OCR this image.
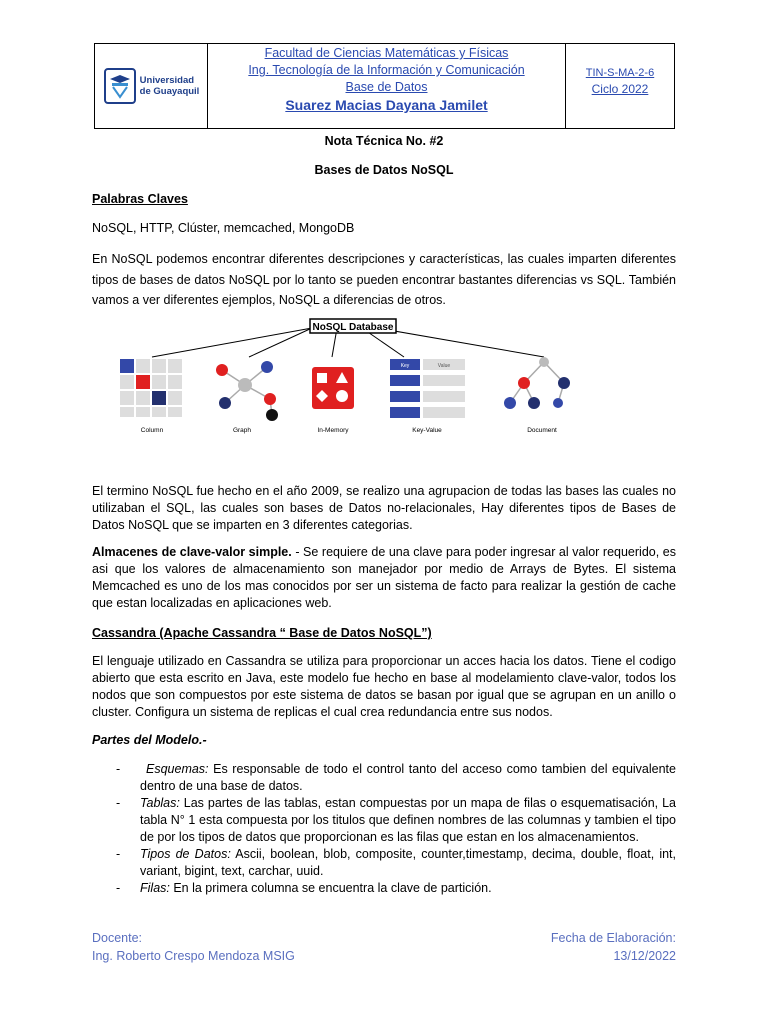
Universidad
de Guayaquil
Facultad de Ciencias Matemáticas y Físicas
Ing. Tecnología de la Información y Comunicación
Base de Datos
Suarez Macias Dayana Jamilet
TIN-S-MA-2-6
Ciclo 2022
Nota Técnica No. #2
Bases de Datos NoSQL
Palabras Claves
NoSQL, HTTP, Clúster, memcached, MongoDB

En NoSQL podemos encontrar diferentes descripciones y características, las cuales imparten diferentes tipos de bases de datos NoSQL por lo tanto se pueden encontrar bastantes diferencias vs SQL. También vamos a ver diferentes ejemplos, NoSQL a diferencias de otros.

NoSQL Database
Key	Value
Column	Graph	In-Memory	Key-Value	Document

El termino NoSQL fue hecho en el año 2009, se realizo una agrupacion de todas las bases las cuales no utilizaban el SQL, las cuales son bases de Datos no-relacionales, Hay diferentes tipos de Bases de Datos NoSQL que se imparten en 3 diferentes categorias.

Almacenes de clave-valor simple. - Se requiere de una clave para poder ingresar al valor requerido, es asi que los valores de almacenamiento son manejador por medio de Arrays de Bytes. El sistema Memcached es uno de los mas conocidos por ser un sistema de facto para realizar la gestión de cache que estan localizadas en aplicaciones web.

Cassandra (Apache Cassandra “ Base de Datos NoSQL”)

El lenguaje utilizado en Cassandra se utiliza para proporcionar un acces hacia los datos. Tiene el codigo abierto que esta escrito en Java, este modelo fue hecho en base al modelamiento clave-valor, todos los nodos que son compuestos por este sistema de datos se basan por igual que se agrupan en un anillo o cluster. Configura un sistema de replicas el cual crea redundancia entre sus nodos.

Partes del Modelo.-
- Esquemas: Es responsable de todo el control tanto del acceso como tambien del equivalente dentro de una base de datos.
- Tablas: Las partes de las tablas, estan compuestas por un mapa de filas o esquematisación, La tabla N° 1 esta compuesta por los titulos que definen nombres de las columnas y tambien el tipo de por los tipos de datos que proporcionan es las filas que estan en los almacenamientos.
- Tipos de Datos: Ascii, boolean, blob, composite, counter,timestamp, decima, double, float, int, variant, bigint, text, carchar, uuid.
- Filas: En la primera columna se encuentra la clave de partición.
Docente:
Ing. Roberto Crespo Mendoza MSIG
Fecha de Elaboración:
13/12/2022
